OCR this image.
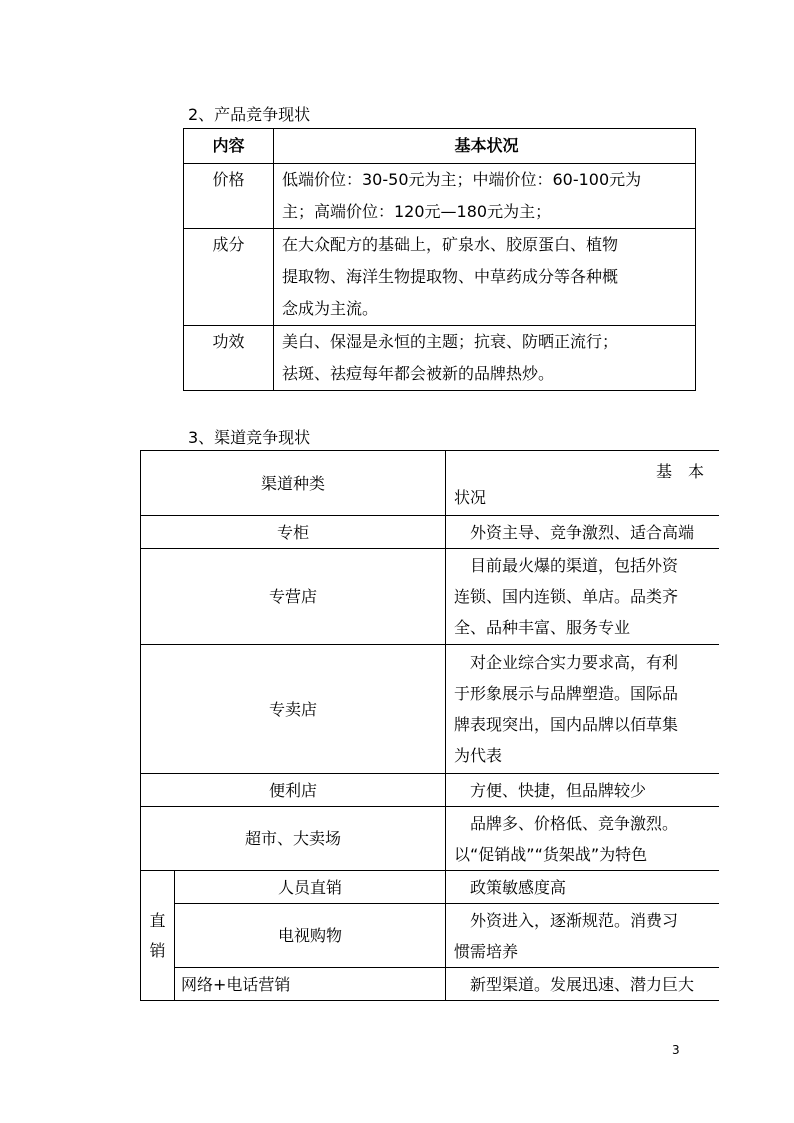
2、产品竞争现状
内容	基本状况
价格	低端价位：30-50元为主；中端价位：60-100元为
主；高端价位：120元—180元为主；

成分	在大众配方的基础上，矿泉水、胶原蛋白、植物
提取物、海洋生物提取物、中草药成分等各种概
念成为主流。

功效	美白、保湿是永恒的主题；抗衰、防晒正流行；
祛斑、祛痘每年都会被新的品牌热炒。
3、渠道竞争现状
渠道种类		基　本
状况

专柜		外资主导、竞争激烈、适合高端
专营店		目前最火爆的渠道，包括外资
连锁、国内连锁、单店。品类齐
全、品种丰富、服务专业

专卖店		对企业综合实力要求高，有利
于形象展示与品牌塑造。国际品
牌表现突出，国内品牌以佰草集
为代表

便利店		方便、快捷，但品牌较少
超市、大卖场		品牌多、价格低、竞争激烈。
以“促销战”“货架战”为特色

直
销	人员直销	政策敏感度高
	电视购物	外资进入，逐渐规范。消费习
惯需培养

	网络+电话营销	新型渠道。发展迅速、潜力巨大
3
